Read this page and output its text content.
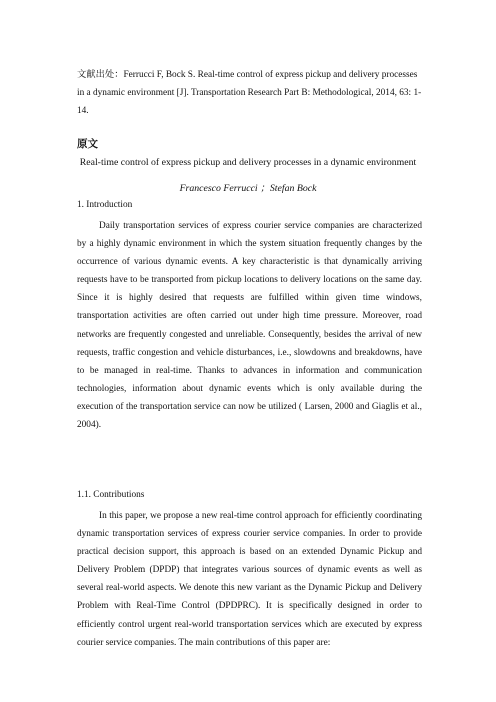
文献出处：Ferrucci F, Bock S. Real-time control of express pickup and delivery processes in a dynamic environment [J]. Transportation Research Part B: Methodological, 2014, 63: 1-14.
原文
Real-time control of express pickup and delivery processes in a dynamic environment
Francesco Ferrucci ；Stefan Bock
1. Introduction
Daily transportation services of express courier service companies are characterized by a highly dynamic environment in which the system situation frequently changes by the occurrence of various dynamic events. A key characteristic is that dynamically arriving requests have to be transported from pickup locations to delivery locations on the same day. Since it is highly desired that requests are fulfilled within given time windows, transportation activities are often carried out under high time pressure. Moreover, road networks are frequently congested and unreliable. Consequently, besides the arrival of new requests, traffic congestion and vehicle disturbances, i.e., slowdowns and breakdowns, have to be managed in real-time. Thanks to advances in information and communication technologies, information about dynamic events which is only available during the execution of the transportation service can now be utilized ( Larsen, 2000 and Giaglis et al., 2004).
1.1. Contributions
In this paper, we propose a new real-time control approach for efficiently coordinating dynamic transportation services of express courier service companies. In order to provide practical decision support, this approach is based on an extended Dynamic Pickup and Delivery Problem (DPDP) that integrates various sources of dynamic events as well as several real-world aspects. We denote this new variant as the Dynamic Pickup and Delivery Problem with Real-Time Control (DPDPRC). It is specifically designed in order to efficiently control urgent real-world transportation services which are executed by express courier service companies. The main contributions of this paper are:
